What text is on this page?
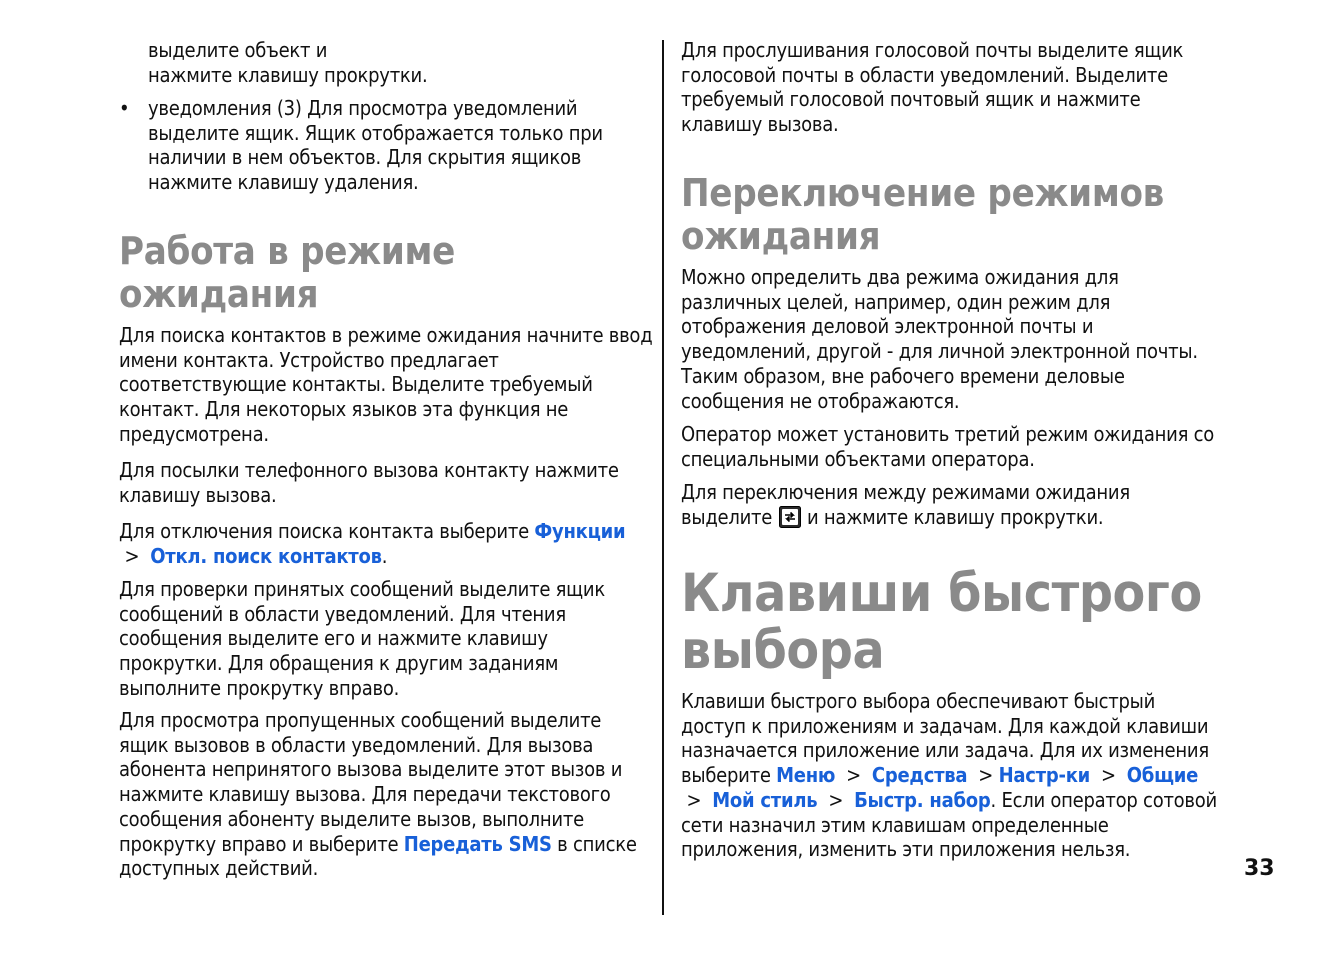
выделите объект и

нажмите клавишу прокрутки.

• уведомления (3) Для просмотра уведомлений выделите ящик. Ящик отображается только при наличии в нем объектов. Для скрытия ящиков нажмите клавишу удаления.

Работа в режиме ожидания

Для поиска контактов в режиме ожидания начните ввод имени контакта. Устройство предлагает соответствующие контакты. Выделите требуемый контакт. Для некоторых языков эта функция не предусмотрена.

Для посылки телефонного вызова контакту нажмите клавишу вызова.

Для отключения поиска контакта выберите Функции  > Откл. поиск контактов.

Для проверки принятых сообщений выделите ящик сообщений в области уведомлений. Для чтения сообщения выделите его и нажмите клавишу прокрутки. Для обращения к другим заданиям выполните прокрутку вправо.

Для просмотра пропущенных сообщений выделите ящик вызовов в области уведомлений. Для вызова абонента непринятого вызова выделите этот вызов и нажмите клавишу вызова. Для передачи текстового сообщения абоненту выделите вызов, выполните прокрутку вправо и выберите Передать SMS в списке доступных действий.

Для прослушивания голосовой почты выделите ящик голосовой почты в области уведомлений. Выделите требуемый голосовой почтовый ящик и нажмите клавишу вызова.

Переключение режимов ожидания

Можно определить два режима ожидания для различных целей, например, один режим для отображения деловой электронной почты и уведомлений, другой - для личной электронной почты. Таким образом, вне рабочего времени деловые сообщения не отображаются.

Оператор может установить третий режим ожидания со специальными объектами оператора.

Для переключения между режимами ожидания
выделите и нажмите клавишу прокрутки.

Клавиши быстрого выбора

Клавиши быстрого выбора обеспечивают быстрый доступ к приложениям и задачам. Для каждой клавиши назначается приложение или задача. Для их изменения выберите Меню > Средства > Настр-ки > Общие  > Мой стиль > Быстр. набор. Если оператор сотовой сети назначил этим клавишам определенные приложения, изменить эти приложения нельзя.

33
